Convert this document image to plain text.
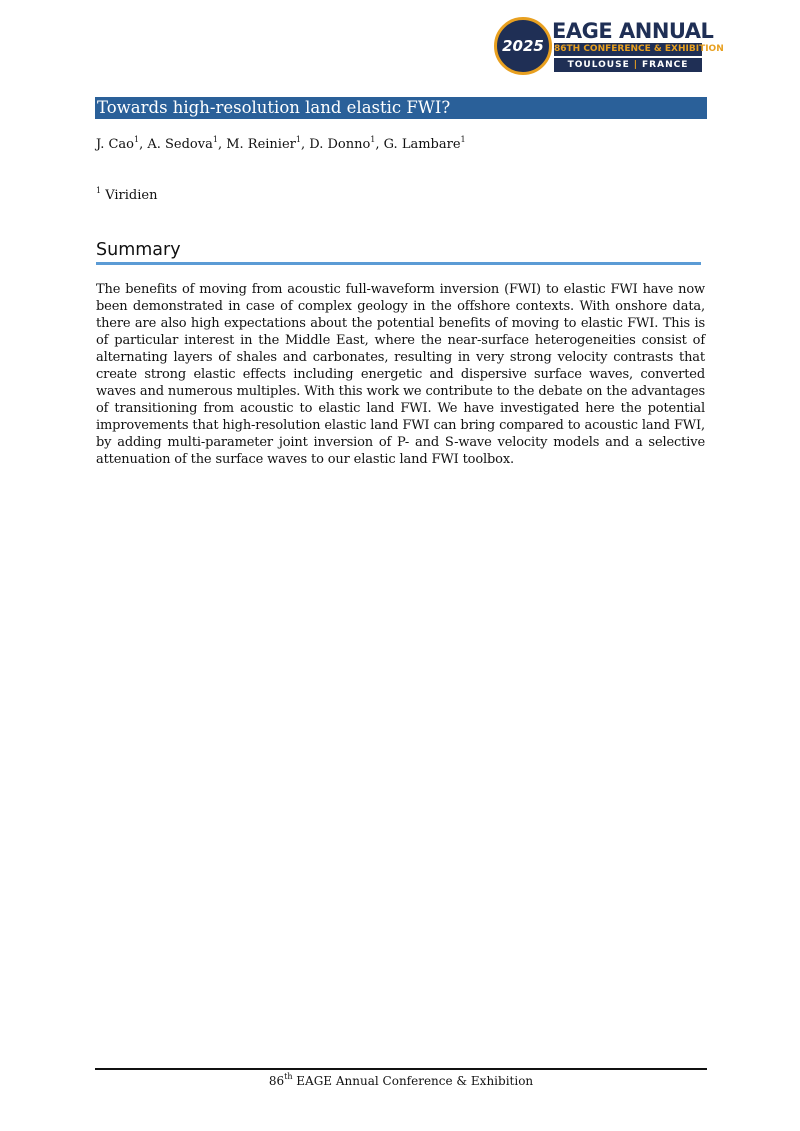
2025
EAGE ANNUAL
86TH CONFERENCE & EXHIBITION
TOULOUSE | FRANCE
Towards high-resolution land elastic FWI?
J. Cao$^1$, A. Sedova$^1$, M. Reinier$^1$, D. Donno$^1$, G. Lambare$^1$
$^1$ Viridien
Summary
The benefits of moving from acoustic full-waveform inversion (FWI) to elastic FWI have now been demonstrated in case of complex geology in the offshore contexts. With onshore data, there are also high expectations about the potential benefits of moving to elastic FWI. This is of particular interest in the Middle East, where the near-surface heterogeneities consist of alternating layers of shales and carbonates, resulting in very strong velocity contrasts that create strong elastic effects including energetic and dispersive surface waves, converted waves and numerous multiples. With this work we contribute to the debate on the advantages of transitioning from acoustic to elastic land FWI. We have investigated here the potential improvements that high-resolution elastic land FWI can bring compared to acoustic land FWI, by adding multi-parameter joint inversion of P- and S-wave velocity models and a selective attenuation of the surface waves to our elastic land FWI toolbox.
86th EAGE Annual Conference & Exhibition
